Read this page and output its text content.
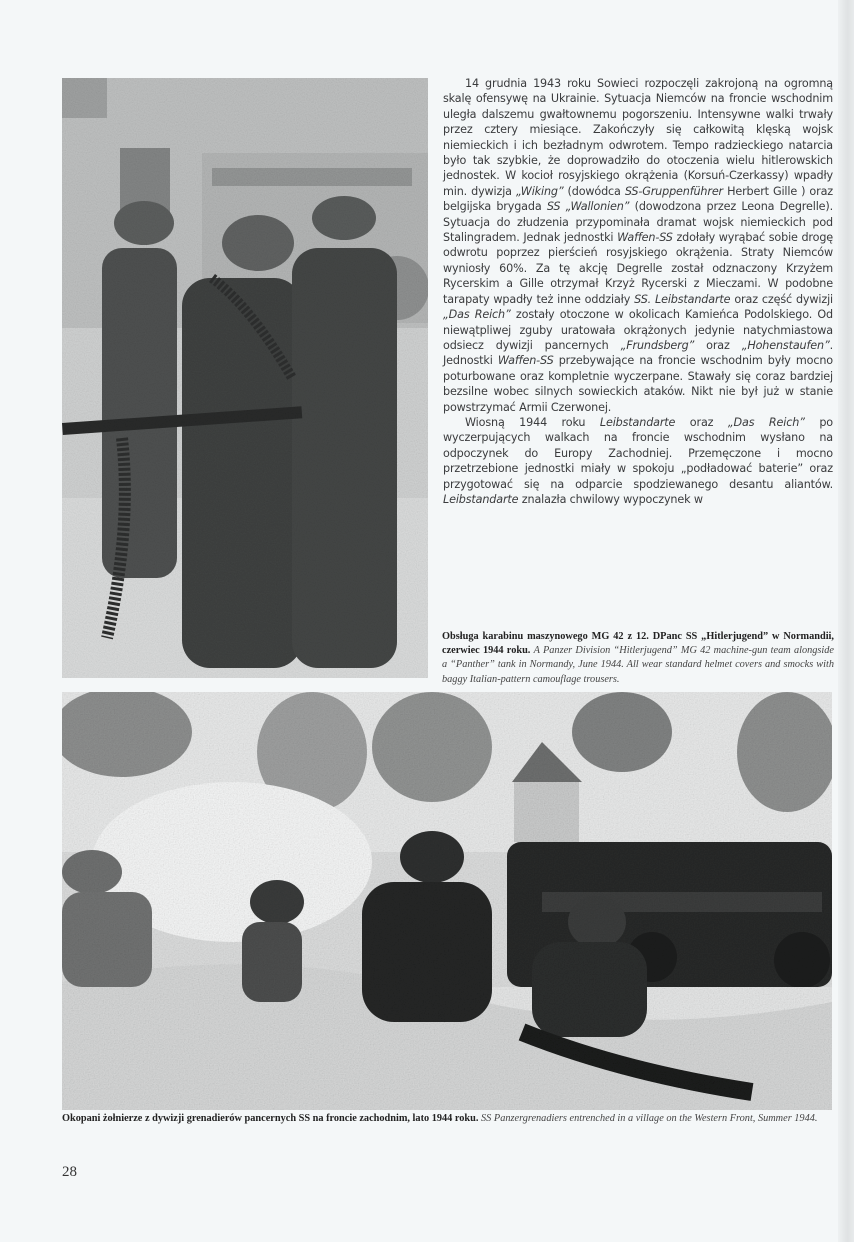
14 grudnia 1943 roku Sowieci rozpoczęli zakrojoną na ogromną skalę ofensywę na Ukrainie. Sytuacja Niemców na froncie wschodnim uległa dalszemu gwałtownemu pogorszeniu. Intensywne walki trwały przez cztery miesiące. Zakończyły się całkowitą klęską wojsk niemieckich i ich bezładnym odwrotem. Tempo radzieckiego natarcia było tak szybkie, że doprowadziło do otoczenia wielu hitlerowskich jednostek. W kocioł rosyjskiego okrążenia (Korsuń-Czerkassy) wpadły min. dywizja „Wiking” (dowódca SS-Gruppenführer Herbert Gille ) oraz belgijska brygada SS „Wallonien” (dowodzona przez Leona Degrelle). Sytuacja do złudzenia przypominała dramat wojsk niemieckich pod Stalingradem. Jednak jednostki Waffen-SS zdołały wyrąbać sobie drogę odwrotu poprzez pierścień rosyjskiego okrążenia. Straty Niemców wyniosły 60%. Za tę akcję Degrelle został odznaczony Krzyżem Rycerskim a Gille otrzymał Krzyż Rycerski z Mieczami. W podobne tarapaty wpadły też inne oddziały SS. Leibstandarte oraz część dywizji „Das Reich” zostały otoczone w okolicach Kamieńca Podolskiego. Od niewątpliwej zguby uratowała okrążonych jedynie natychmiastowa odsiecz dywizji pancernych „Frundsberg” oraz „Hohenstaufen”. Jednostki Waffen-SS przebywające na froncie wschodnim były mocno poturbowane oraz kompletnie wyczerpane. Stawały się coraz bardziej bezsilne wobec silnych sowieckich ataków. Nikt nie był już w stanie powstrzymać Armii Czerwonej.

Wiosną 1944 roku Leibstandarte oraz „Das Reich” po wyczerpujących walkach na froncie wschodnim wysłano na odpoczynek do Europy Zachodniej. Przemęczone i mocno przetrzebione jednostki miały w spokoju „podładować baterie” oraz przygotować się na odparcie spodziewanego desantu aliantów. Leibstandarte znalazła chwilowy wypoczynek w

Obsługa karabinu maszynowego MG 42 z 12. DPanc SS „Hitlerjugend” w Normandii, czerwiec 1944 roku. A Panzer Division “Hitlerjugend” MG 42 machine-gun team alongside a “Panther” tank in Normandy, June 1944. All wear standard helmet covers and smocks with baggy Italian-pattern camouflage trousers.
Okopani żołnierze z dywizji grenadierów pancernych SS na froncie zachodnim, lato 1944 roku. SS Panzergrenadiers entrenched in a village on the Western Front, Summer 1944.
28
